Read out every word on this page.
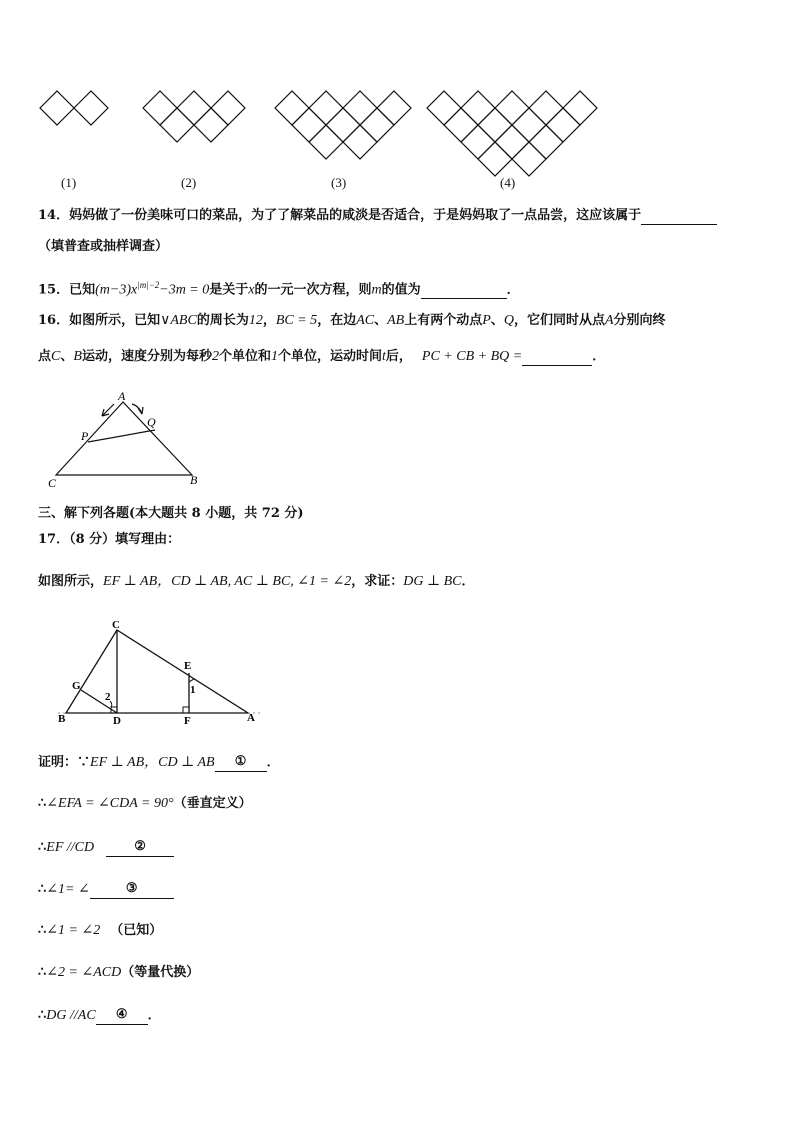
(1)	(2)	(3)	(4)
14．妈妈做了一份美味可口的菜品，为了了解菜品的咸淡是否适合，于是妈妈取了一点品尝，这应该属于
（填普查或抽样调查）
15．已知$(m-3)x^{|m|-2}-3m = 0$是关于x的一元一次方程，则m的值为	．
16．如图所示，已知∨ABC的周长为12，BC = 5，在边AC、AB上有两个动点P、Q，它们同时从点A分别向终
点C、B运动，速度分别为每秒2个单位和1个单位，运动时间t后， PC + CB + BQ =	．
A
P
Q
C	B
三、解下列各题(本大题共 8 小题，共 72 分)
17．（8 分）填写理由：
如图所示，EF ⊥ AB，CD ⊥ AB, AC ⊥ BC, ∠1 = ∠2，求证：DG ⊥ BC．
C
E
G
2
1
B	D	F	A
证明：∵EF ⊥ AB，CD ⊥ AB ① ．
∴∠EFA = ∠CDA = 90°（垂直定义）
∴EF //CD	②
∴∠1= ∠	③
∴∠1 = ∠2 （已知）
∴∠2 = ∠ACD（等量代换）
∴DG //AC ④ ．
